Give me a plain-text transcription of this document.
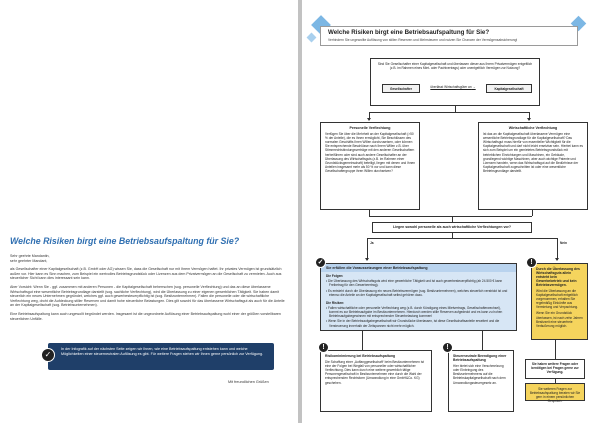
Welche Risiken birgt eine Betriebsaufspaltung für Sie?

Sehr geehrte Mandantin,

sehr geehrter Mandant,

als Gesellschafter einer Kapitalgesellschaft (z.B. GmbH oder AG) wissen Sie, dass die Gesellschaft nur mit Ihrem Vermögen haftet. Ihr privates Vermögen ist grundsätzlich außen vor. Hier kann es Sinn machen, zum Beispiel ein wertvolles Betriebsgrundstück oder Lizenzen aus dem Privatvermögen an die Gesellschaft zu vermieten. Auch aus steuerlicher Sicht kann dies interessant sein kann.

Aber Vorsicht: Wenn Sie - ggf. zusammen mit anderen Personen - die Kapitalgesellschaft beherrschen (sog. personelle Verflechtung) und das an diese überlassene Wirtschaftsgut eine wesentliche Betriebsgrundlage darstellt (sog. sachliche Verflechtung), wird die Überlassung zu einer eigenen gewerblichen Tätigkeit. Sie haben damit steuerlich ein neues Unternehmen gegründet, welches ggf. auch gewerbesteuerpflichtig ist (sog. Besitzunternehmen). Fallen die personelle oder die wirtschaftliche Verflechtung weg, droht die Aufdeckung stiller Reserven und damit hohe steuerliche Belastungen. Dies gilt sowohl für das überlassene Wirtschaftsgut als auch für die Anteile an der Kapitalgesellschaft (sog. Betriebsunternehmen).

Eine Betriebsaufspaltung kann auch ungewollt begründet werden. Insgesamt ist die ungeordnete Auflösung einer Betriebsaufspaltung wohl einer der größten vorstellbaren steuerlichen Unfälle.

✓
In der Infografik auf der nächsten Seite zeigen wir Ihnen, wie eine Betriebsaufspaltung entstehen kann und welche Möglichkeiten einer steuerneutralen Auflösung es gibt. Für weitere Fragen stehen wir Ihnen gerne persönlich zur Verfügung.
Mit freundlichen Grüßen
Welche Risiken birgt eine Betriebsaufspaltung für Sie?
Verhindern Sie ungewollte Auflösung von stillen Reserven und Mehrsteuern und nutzen Sie Chancen der Vermögensabsicherung!
Sind Sie Gesellschafter einer Kapitalgesellschaft und überlassen dieser aus Ihrem Privatvermögen entgeltlich (z.B. im Rahmen eines Miet- oder Pachtvertrags) oder unentgeltlich Vermögen zur Nutzung?
Gesellschafter	überlässt Wirtschaftsgüter an →	Kapitalgesellschaft
Personelle Verflechtung
Verfügen Sie über die Mehrheit an der Kapitalgesellschaft (>50 % der Anteile), die es Ihnen ermöglicht, Sie Beschlüssen des normalen Geschäfts Ihren Willen durchzusetzen, oder können Sie entsprechende Beschlüsse nach Ihrem Willen z.B. über Stimmrechtsbindungsverträge mit den anderen Gesellschaftern herbeiführen oder sind auch andere Gesellschafter an der Überlassung des Wirtschaftsguts (z.B. im Rahmen einer Grundstücksgemeinschaft) beteiligt, liegen mit denen und Ihnen Anteilen insgesamt mehr als 50 % vor und kann diese Gesellschaftergruppe ihren Willen durchsetzen?
Wirtschaftliche Verflechtung
Ist das an die Kapitalgesellschaft überlassene Vermögen eine wesentliche Betriebsgrundlage für die Kapitalgesellschaft? Das Wirtschaftsgut muss hierfür von essentieller Wichtigkeit für die Kapitalgesellschaft und darf nicht leicht ersetzbar sein. Hierbei kann es sich zum Beispiel um ein gemietetes Betriebsgrundstück mit betrieblichen Einrichtungen und Maschinen, ein Gebäude, grundlegend wichtige Maschinen, aber auch wichtige Patente und Lizenzen handeln, wenn das Wirtschaftsgut auf die Bedürfnisse der Kapitalgesellschaft zugeschnitten ist oder eine wesentliche Betriebsgrundlage darstellt.
Liegen sowohl personelle als auch wirtschaftliche Verflechtungen vor?
Ja	Nein
✓
Sie erfüllen die Voraussetzungen einer Betriebsaufspaltung
Die Folgen:
• Die Überlassung des Wirtschaftsguts wird eine gewerbliche Tätigkeit und ist auch gewerbesteuerpflichtig (ab 24.500 € kann Freibetrag für den Gewerbeertrag).
• Es entsteht durch die Überlassung ein neues Betriebsvermögen (sog. Besitzunternehmen), welches steuerlich verstrickt ist und ebenso die Anteile an der Kapitalgesellschaft selbst gehören dazu.
Die Risiken:
• Fallen wirtschaftliche oder personelle Verflechtung weg (z.B. durch Kündigung eines Mietvertrags, Gesellschafterwechsel), kommt es zur Betriebsaufgabe im Besitzunternehmen. Hierdurch werden stille Reserven aufgedeckt und es kann zu hohen Betriebsaufgabegewinnen mit entsprechender Steuerbelastung kommen!
• Wenn Sie in der Betriebsaufgabegesellschaft wir Grundstücke überlassen, ist diese Gesellschaftsanteile erweitert und die Versteuerung innerhalb der Zeitspannen nicht mehr möglich.
!
Durch die Überlassung des Wirtschaftsguts allein entsteht kein Gewerbebetrieb und kein Betriebsvermögen.
Wird die Überlassung an die Kapitalgesellschaft entgeltlich vorgenommen, erhalten Sie regelmäßig Einkünfte aus Vermietung und Verpachtung.
Wenn Sie ein Grundstück überlassen, ist nach zehn Jahren Besitzzeit eine steuerfreie Veräußerung möglich.
!	!
Risikominimierung bei Betriebsaufspaltung
Die Schaffung einer „Auffanggesellschaft“ beim Besitzunternehmen ist eine der Folgen bei Wegfall von personeller oder wirtschaftlicher Verflechtung. Dies kann durch eine weitere gewerblich tätige Personengesellschaft in Besitzunternehmen eine durch die Wahl der entsprechenden Rechtsform (Umwandlung in eine GmbH&Co. KG) geschehen.
Steuerneutrale Beendigung einer Betriebsaufspaltung
Hier bietet sich eine Verschmelzung oder Einbringung des Besitzunternehmens auf die Betriebskapitalgesellschaft nach dem Umwandlungssteuergesetz an.
Sie haben weitere Fragen oder benötigen bei Fragen gerne zur Verfügung.
Sie weiteren Fragen zur Betriebsaufspaltung beraten wir Sie gern in einem persönlichen Gespräch.
